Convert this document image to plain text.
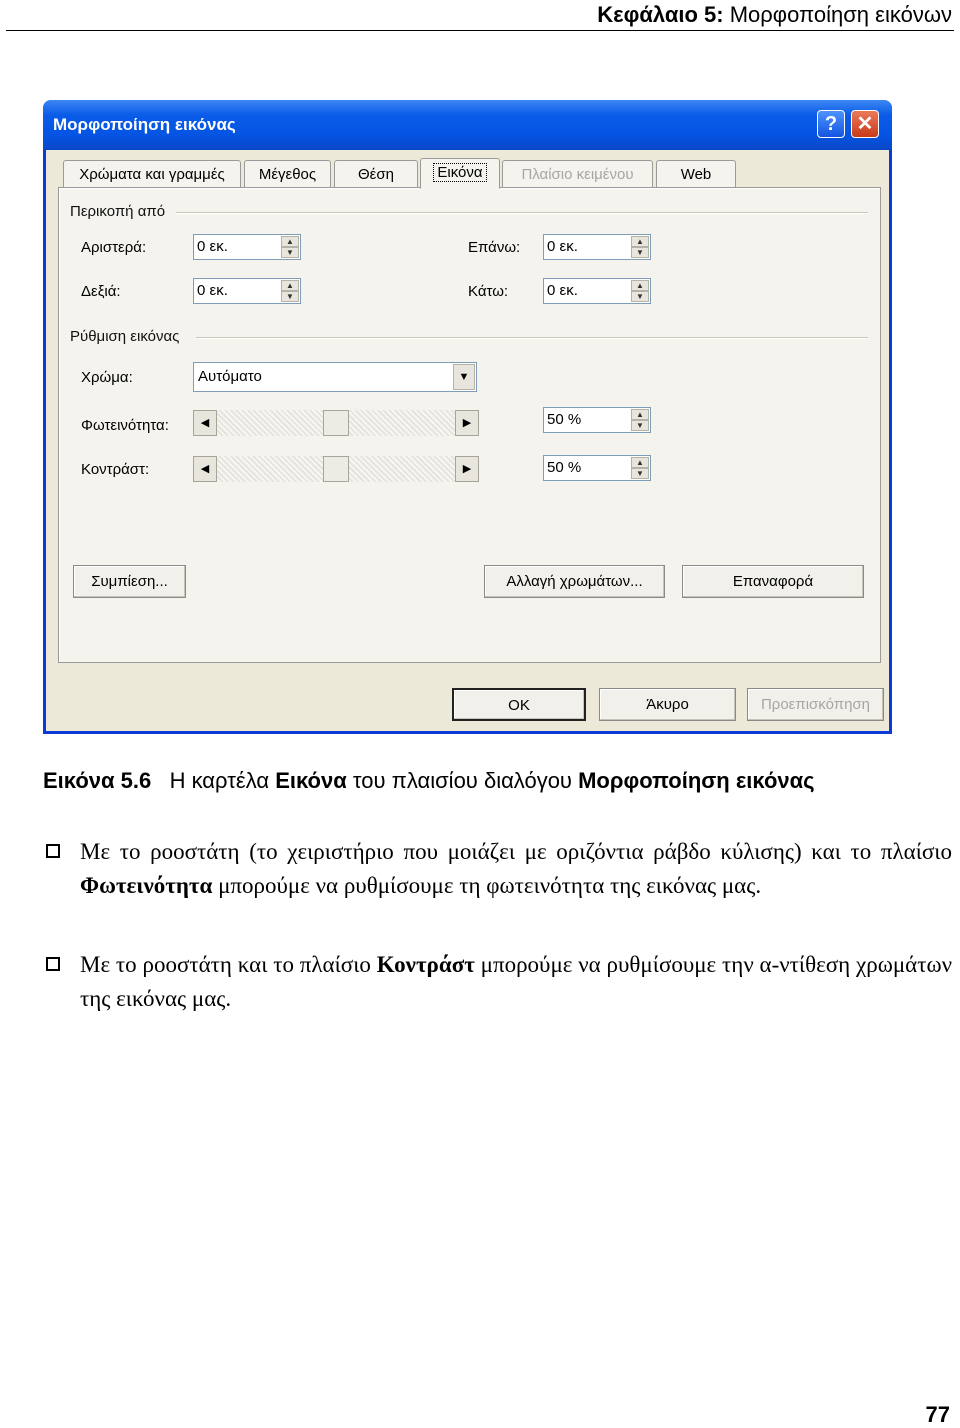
Κεφάλαιο 5: Μορφοποίηση εικόνων
Μορφοποίηση εικόνας	? ✕
Χρώματα και γραμμές	Μέγεθος	Θέση	Πλαίσιο κειμένου	Web
Εικόνα
Περικοπή από
Αριστερά:	0 εκ.	▲
▼
Δεξιά:	0 εκ.	▲
▼
Επάνω: 0 εκ.	▲
▼
Κάτω:	0 εκ.	▲
▼
Ρύθμιση εικόνας
Χρώμα:	Αυτόματο	▼
Φωτεινότητα:	◀	▶	50 %	▲
▼
Κοντράστ:	◀	▶	50 %	▲
▼
Συμπίεση...	Αλλαγή χρωμάτων...	Επαναφορά
OK	Άκυρο	Προεπισκόπηση
Εικόνα 5.6 Η καρτέλα Εικόνα του πλαισίου διαλόγου Μορφοποίηση εικόνας
Με το ροοστάτη (το χειριστήριο που μοιάζει με οριζόντια ράβδο κύλισης) και το πλαίσιο Φωτεινότητα μπορούμε να ρυθμίσουμε τη φωτεινότητα της εικόνας μας.
Με το ροοστάτη και το πλαίσιο Κοντράστ μπορούμε να ρυθμίσουμε την α-ντίθεση χρωμάτων της εικόνας μας.
77
